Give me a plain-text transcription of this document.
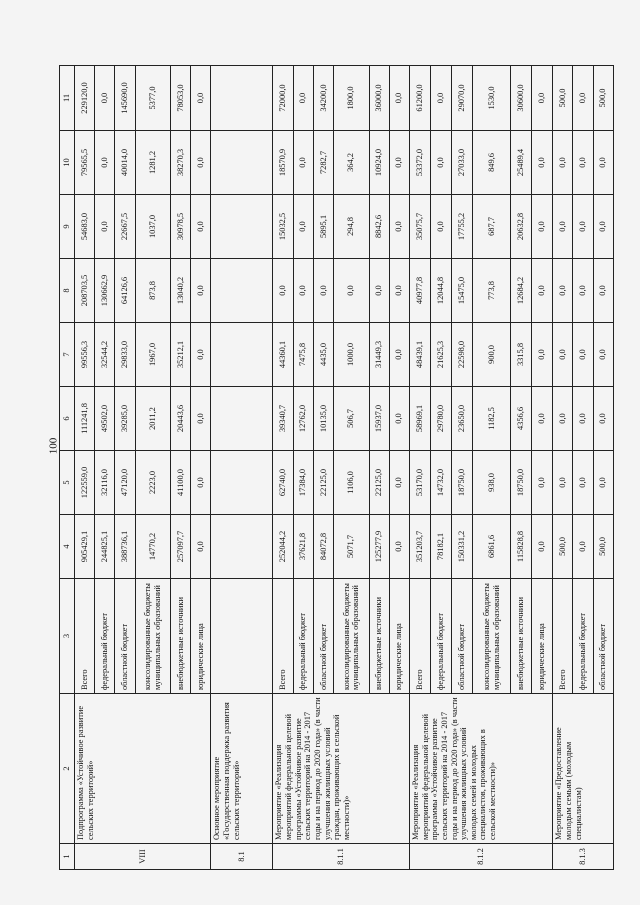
100
1	2	3	4	5	6	7	8	9	10	11
VIII	Подпрограмма «Устойчивое развитие сельских территорий»	Всего	905429,1	122559,0	111241,8	99556,3	208703,5	54683,0	79565,5	229120,0
		федеральный бюджет	244825,1	32116,0	49502,0	32544,2	130662,9	0,0	0,0	0,0
		областной бюджет	388736,1	47120,0	39285,0	29833,0	64126,6	22667,5	40014,0	145690,0
		консолидированные бюджеты муниципальных образований	14770,2	2223,0	2011,2	1967,0	873,8	1037,0	1281,2	5377,0
		внебюджетные источники	257097,7	41100,0	20443,6	35212,1	13040,2	30978,5	38270,3	78053,0
		юридические лица	0,0	0,0	0,0	0,0	0,0	0,0	0,0	0,0
8.1	Основное мероприятие «Государственная поддержка развития сельских территорий»									
8.1.1	Мероприятие «Реализация мероприятий федеральной целевой программы «Устойчивое развитие сельских территорий на 2014 - 2017 годы и на период до 2020 года» (в части улучшения жилищных условий граждан, проживающих в сельской местности)»	Всего	252044,2	62740,0	39340,7	44360,1	0,0	15032,5	18570,9	72000,0
		федеральный бюджет	37621,8	17384,0	12762,0	7475,8	0,0	0,0	0,0	0,0
		областной бюджет	84072,8	22125,0	10135,0	4435,0	0,0	5895,1	7282,7	34200,0
		консолидированные бюджеты муниципальных образований	5071,7	1106,0	506,7	1000,0	0,0	294,8	364,2	1800,0
		внебюджетные источники	125277,9	22125,0	15937,0	31449,3	0,0	8842,6	10924,0	36000,0
		юридические лица	0,0	0,0	0,0	0,0	0,0	0,0	0,0	0,0
8.1.2	Мероприятие «Реализация мероприятий федеральной целевой программы «Устойчивое развитие сельских территорий на 2014 - 2017 годы и на период до 2020 года» (в части улучшения жилищных условий молодых семей и молодых специалистов, проживающих в сельской местности)»	Всего	351203,7	53170,0	58969,1	48439,1	40977,8	35075,7	53372,0	61200,0
		федеральный бюджет	78182,1	14732,0	29780,0	21625,3	12044,8	0,0	0,0	0,0
		областной бюджет	150331,2	18750,0	23650,0	22598,0	15475,0	17755,2	27033,0	29070,0
		консолидированные бюджеты муниципальных образований	6861,6	938,0	1182,5	900,0	773,8	687,7	849,6	1530,0
		внебюджетные источники	115828,8	18750,0	4356,6	3315,8	12684,2	20632,8	25489,4	30600,0
		юридические лица	0,0	0,0	0,0	0,0	0,0	0,0	0,0	0,0
8.1.3	Мероприятие «Предоставление молодым семьям (молодым специалистам)	Всего	500,0	0,0	0,0	0,0	0,0	0,0	0,0	500,0
		федеральный бюджет	0,0	0,0	0,0	0,0	0,0	0,0	0,0	0,0
		областной бюджет	500,0	0,0	0,0	0,0	0,0	0,0	0,0	500,0
